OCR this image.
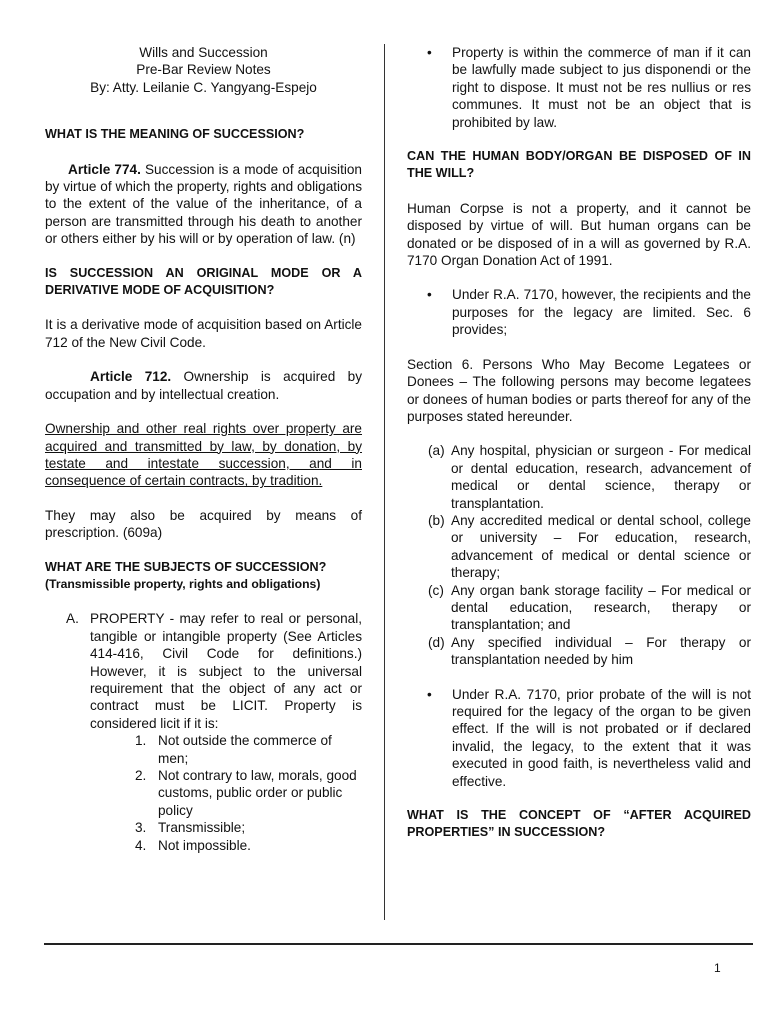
Wills and Succession

Pre-Bar Review Notes

By: Atty. Leilanie C. Yangyang-Espejo

WHAT IS THE MEANING OF SUCCESSION?

Article 774. Succession is a mode of acquisition by virtue of which the property, rights and obligations to the extent of the value of the inheritance, of a person are transmitted through his death to another or others either by his will or by operation of law. (n)

IS SUCCESSION AN ORIGINAL MODE OR A DERIVATIVE MODE OF ACQUISITION?

It is a derivative mode of acquisition based on Article 712 of the New Civil Code.

Article 712. Ownership is acquired by occupation and by intellectual creation.

Ownership and other real rights over property are acquired and transmitted by law, by donation, by testate and intestate succession, and in consequence of certain contracts, by tradition.

They may also be acquired by means of prescription. (609a)

WHAT ARE THE SUBJECTS OF SUCCESSION?

(Transmissible property, rights and obligations)

A. PROPERTY - may refer to real or personal, tangible or intangible property (See Articles 414-416, Civil Code for definitions.) However, it is subject to the universal requirement that the object of any act or contract must be LICIT. Property is considered licit if it is:
1. Not outside the commerce of men;
2. Not contrary to law, morals, good customs, public order or public policy
3. Transmissible;
4. Not impossible.

• Property is within the commerce of man if it can be lawfully made subject to jus disponendi or the right to dispose. It must not be res nullius or res communes. It must not be an object that is prohibited by law.

CAN THE HUMAN BODY/ORGAN BE DISPOSED OF IN THE WILL?

Human Corpse is not a property, and it cannot be disposed by virtue of will. But human organs can be donated or be disposed of in a will as governed by R.A. 7170 Organ Donation Act of 1991.

• Under R.A. 7170, however, the recipients and the purposes for the legacy are limited. Sec. 6 provides;

Section 6. Persons Who May Become Legatees or Donees – The following persons may become legatees or donees of human bodies or parts thereof for any of the purposes stated hereunder.

(a) Any hospital, physician or surgeon - For medical or dental education, research, advancement of medical or dental science, therapy or transplantation.
(b) Any accredited medical or dental school, college or university – For education, research, advancement of medical or dental science or therapy;
(c) Any organ bank storage facility – For medical or dental education, research, therapy or transplantation; and
(d) Any specified individual – For therapy or transplantation needed by him

• Under R.A. 7170, prior probate of the will is not required for the legacy of the organ to be given effect. If the will is not probated or if declared invalid, the legacy, to the extent that it was executed in good faith, is nevertheless valid and effective.

WHAT IS THE CONCEPT OF “AFTER ACQUIRED PROPERTIES” IN SUCCESSION?

1
